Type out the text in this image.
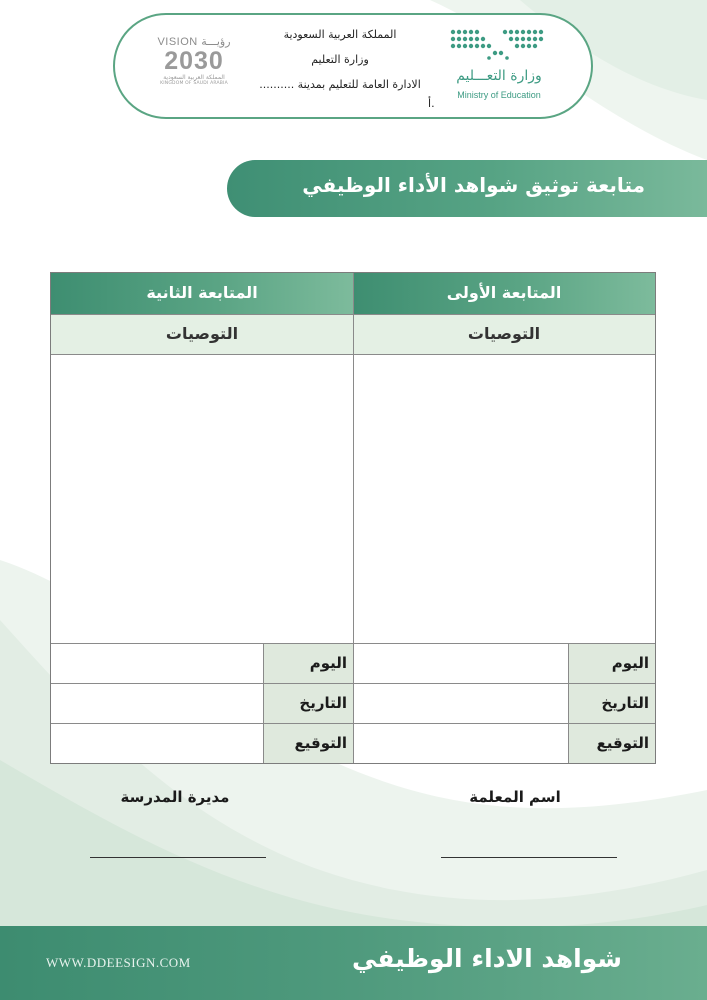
VISION رؤيـــة
2030
المملكة العربية السعودية
KINGDOM OF SAUDI ARABIA
المملكة العربية السعودية
وزارة التعليم
الادارة العامة للتعليم بمدينة ..........
أ.
وزارة التعـــليم
Ministry of Education
متابعة توثيق شواهد الأداء الوظيفي
المتابعة الأولى
المتابعة الثانية
التوصيات
التوصيات
اليوم
التاريخ
التوقيع
اليوم
التاريخ
التوقيع
اسم المعلمة
مديرة المدرسة
WWW.DDEESIGN.COM	شواهد الاداء الوظيفي
